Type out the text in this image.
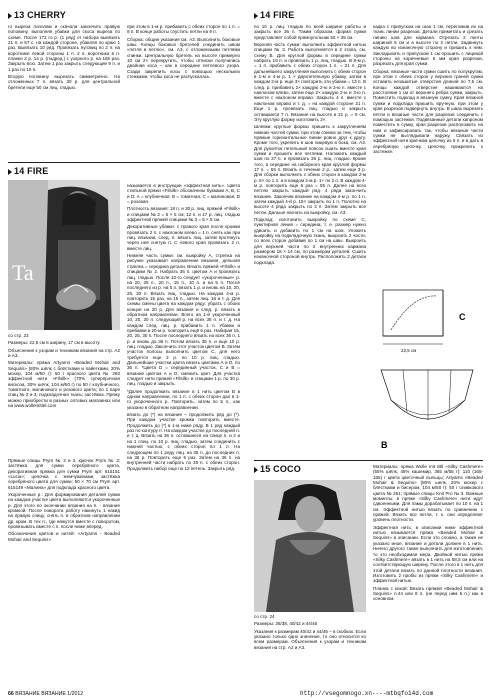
13 CHERRY	14 FIRE

го выреза пополам и скачала закончить правую половину, выполняя убавки для скоса выреза по схеме. После 172 го р. (1 ряд) от набора вывязать 21 п. и 57 с. на каждой стороне, убавляя по краю 1 раз. Вывязать 10 ряд. Провязать пуговиц по 2 п. на воротнике левой стороны 1 п. 2 п. воротника 5 п. планке 2 р. 14 р. (подред.) с узорного р. на 165 раз. Закрыть всю. Затем 1 раз закрыть следующие 9 п. и 1 раз по 10 п.

Вторую половину вырезать симметрично. На отложенных 7 п. вязать 30 р. для центральной бретели еще 50 см лиц. гладью.

при этом в 1-м р. прибавить с обеих сторон по 1 п. = 9 п. В конце работы спустить петли на 9 п.

Сборка: общие указания см. А3. Выполнить боковые швы. Концы боковых бретелей соединить швом «петля в петлю», см. А3, с отложенными петлями спинки. Центральную бретель на высоте примерно 10 см 2× перекрутить, чтобы отписки получились двойная коса – как в середине петлевого узора. Сзади закрепить косы с помощью нескольких стежками, чтобы коса не распускалась.

14 FIRE
Ta

со стр. 23

Размеры: 22,5 см в ширину, 17 см в высоту.

Объяснения к узорам и техникам вязания на стр. А2 и А3.

Материалы: пряжа Artyarns «Beaded Mohair and Sequins» (80% шёлк с блёстками и пайетками, 20% мохер, 104 м/50 г): 50 г красного цвета № 260 эффектной нити «Filsilk» (70% суперпрочная вискоза, 30% шёлк, 104 м/50 г) по 50 г клубничного, томатного, малинового и розового цвета; по 1 паре спиц № 2 и 3; подкладочная ткань; застёжка. Пряжу можно приобрести в разных оптовых магазинах или на www.wollemittel.com

Прямые спицы Prym № 2 и 3, крючок Prym № 3; застёжка для сумки серебряного цвета, декоративная пряжка для сумки Prym арт. 615151 «Lucia»; цепочка с жемчужинами, застёжка серебряного цвета для сумки; 50 × 70 см Prym арт. 615149 «Малина» для подклада красного цвета.

Укороченные р.: Для формирования деталей сумки на каждом участке цвета выполняются укороченные р. Для этого по окончании вязания на п. - вязание кромкой. После поворота работу накинуть 1 накид на правую спицу, снять п. в обратном направлении др. кром. В тех п., где вяжутся вместе с поворотом, провязывать вместе с п. после ниже вперед.

Обозначения цветов и нитей: «Artyarns - Beaded Mohair and Sequins»

называется в инструкции «эффектная нить». Цвета стильной пряжи «Filsilk» обозначены буквами А, В, С и D: А = клубничная, В = томатная, С = малиновая, D = розовая.

Плотность вязания: 18 п. и 30 р. лиц. пряжей «Filsilk» и спицами № 2 = 5 × 5 см; 12 п. и 17 р. лиц. гладью эффектной пряжей спицами № 3 = 5 × 5 см.

Декоративные убавки: с правого края после кромки провязать 2 п. с наклоном влево = 1 п. снять как при лиц. вязании, след. п. вязать лиц. затем протянуть через неё снятую п. С левого края провязать 2 п. вместе лиц.

Нижняя часть сумки: см. выкройку А, стрелка на рисунке указывает направление вязания, дельная стрелка = середина детали. Вязать пряжей «Filsilk» и спицами № 2. Набрать 36 п. цветом А и провязать лиц. гладью. После 10-го следует «укороченные» р. на 20, 25 п., 20 п., 15 п., 10 п. и на 5 п. После последнего из р. на 5 п. вязать 1 р. и вновь на 10, 20, 25, 30 п. Вязать лиц. гладью. На каждом 4-м р. повторить 15 раз, на 15 п., затем лиц. 15 и т. д. Для схемы смены цвета на каждом ряду: убрать с обоих концов на 20 р. Для вязания и след. р. вязать в обратном направлении. Всего на 1-й укороченный 10, 20, 30 п. следующий р. на всех 36 п. и т. д. На каждом след. лиц. р. прибавить 1 п. Убавки и прибавки в 20-м р. повторить ещё 6 раз. Набирая 15, 20, 25, 30 п. После последнего вязать на всех 36 п. 1 р. и вновь до 36 п. Потом вязать 36 п. и еще 10 р. лиц. гладью. Закончить этот участок цветом В. Затем участок полосы выполнить цветом С, для него требуется еще 2 р. по 10 р. лиц. гладью. Дальнейшие участки цвета вязать цветами А и D, по 36 п. *Цвета D = серединный участок, С и В = вязание цветом А и D, сменить цвет. Для участка следует нити пряжей «Filsilk» и спицами 1 р. по 30 р. лиц. гладью и закрыть.

*Далее продолжить вязание в 1 нить цветом В в одном направлении, по 1 п. с обеих сторон дал в 1-го укороченного р. Повторить, затем по 5 п., как указано в обратном направлении.

вязать до (*) на вязание – продолжить ряд до (*). При каждом участке кромки повторить вместе. Продолжить до (*) в 1-м ниже ряду. В 1 ряд каждый раз по контуру п. На каждом участке до последней п. и т. д. Вязать на 36 п. оставшиеся на спице п. и 2 и на 1 спиц. по 10 р. лиц. гладью, затем соединить с нижней частью, с обеих сторон по 1 п. На следующем по 1 ряду лиц. на 36 п. до последних п. на 36 р. Повторить еще 5 раз. Затем на 36 п. на внутренней части набрать по 36 п. с обеих сторон. Продолжить набор еще по 12 петель. Закрыть ряд.

по 10 р. лиц. гладью по всей ширине работы и закрыть все 36 п. Таким образом, форма сумки представляет собой прямоугольник 55 × 35 см.

Верхняя часть сумки: выполнить эффектной нитью спицами № 3. Работа выполняется в 2 этапа, см. схему В. Для круглой формы в середине сумки набрать 19 п. и провязать 1 р. лиц. гладью. В 8-м р. = 1 п. прибавить с обеих сторон 1 п. = 21 п. Для дальнейшего закругления выполнить с обеих сторон в 1-м и 4-м р. 1 × двухпетельную убавку, затем в каждом 2-м р. еще 3× повторить эти убавки = 13 п. В след. р. прибавить 2× каждую 2-ю и 3-ю п. вместе с наклоном влево, затем еще 2× каждую 2-ю и 3-ю п. вместе с наклоном вправо. Закрыть 4 п. вместе с наклоном вправо и т. д. = на каждой стороне 21 п. Еще 1 р. провязать лиц. гладью и закрыть оставшиеся 7 п. Вязание на высоте в 21 р. = 6 см. Эту круглую форму изготовить 2×.

Шлевки: круглые формы пришить к закруглениям нижних частей сумки, при этом спинка за тем, чтобы прямые горизонтальные линии ровно друг к другу. Кроме того, укрепить в шов лицевую в бока, см. А3. Для рукояток петельный поясок сшить вместе края сумки и прошить все петлями. Наложить каждый шов по 27 п. и провязать 36 р. лиц. гладью. Кроме того, в середине на наборного края круглой формы 17 п. = 65 п. Вязать в течение 2 р., затем еще 3 р. Для сборки выполнить с обеих сторон в каждом 2-м р. 5× по 1 п. и в каждом 2-м р. 1× по 2 п. В каждом 4-м р. повторить еще 5 раз = 55 п. Далее на всех петлях закрыть каждый ряд. 4 ряда закончить вязание. Закончив вязание на каждом 4-м р. по 1 п. затем каждый 4-й р. 15× закрыть по 1 п. Полотно на высоте 4 ряда закрыть по 3 п. Затем закрыть все петли. Дальше нагнать на выкройку, см. А3.

Подклад: изготовить выкройку по схеме С, пунктирная линия = середина, т. е. размер нужно удвоить и добавить по 1 см на шов. Уложить выкройку на подкладочную ткань, выкроить 2 части, со всех сторон добавив по 1 см на швы. Выкроить для верхней части по 2 внутренних кармана размером 18 × 14 см, по размерам деталей. Сшить изнаночной стороной внутрь. Расположить 2 детали подклада.

кадка с припуском на шов 1 см, переложив их на ткань линии разрезов. Детали приметать и срезать линию шов для кармана. Отрезать 2 ленты шириной 5 см и в высоте по 2 петли. Задвинуть каждую во изнаночную сторону и пришить к ним. Закладывать и припуском 1 см прошить с лицевой стороны на коричневые 5 мм края разрезов, разрезать для края сумки.

Сборка: вязаные части сумки сшить по полукругам, при этом с обеих сторон у верхних граней сумки оставить незашитые отверстия длиной по 7,5 см. Концы каждой отверстия нашиваются на расстоянии 1 см от верхнего ребра сумки, закрыть. Поместить подклад в вязаную сумку. Края вязаной сумки и подклада пришить вручную, при этом у края разрезов подвернуть внутрь. В швах вырезать петли и вязаные части для разрезов соединить с помощью застежки. Подвязанные детали капроном поместить в сумку, края разрезов расположить на ним и зафиксировать так, чтобы вязаные части сумки не выглядывали наружу. Связать из эффектной нити крючком цепочку из 6 п. и в дать в серебряную цепочку. Цепочку прикрепить к застежке.

C
22,5 см
B
15 COCO

со стр. 24

Размеры: 36/38, 40/42 и 44/46

Указания к размерам 40/42 и 44/46 – в скобках. Если указано только одно значение, то оно относится ко всем размерам. Объяснения к узорам и техникам вязания на стр. А2 и А3.

Материалы: пряжа Wolle mit Stil «Silky Cashmere» (55% шёлк, 45% кашемир, 365 м/55 г): 110 (165-165) г цвета цветочный пыльцы; Artyarns «Beaded Mohair & Sequins» (80% шелк, 20% мохер с блёстками и бисером, 104 м/50 г): 50 г оливкового цвета № 261; прямые спицы Knit Pro № 3. Важные моменты: в пряже «Silky Cashmere» нити идут сдвоенными. Для ламы дорабатывает по 10 п. на 1 см. Эффектной нитью вязать по сравнению с пряжей. Вязать все петли, т. к. они определяют уровень плотности.

Эффектная нить: в описании ниже эффектной нитью называется пряжа «Beaded Mohair & Sequins» в описании. Если это сложно, а также не указано иное, вязание и детали должен в 1 нить. Ничего другого также выполнить для изготовления, то это необходимая мера. Двойной нитью пряжи «Silky Cashmere» вязать в 1 нить на 58,5 см или на соответствующую ширину. После этого в 1 нить для этой детали вязать по данной плотности вязания. Изготовить 2 пробы из пряжи «Silky Cashmere» и эффектной нитью.

Планка с кокой: Вязать пряжей «Beaded Mohair & Sequins» п.44 или 8 п. (не перед ним 5 п.) как в основном.

66 ВЯЗАНИЕ ВЯЗАНИЕ 1/2012	http://vsegomnogo.xn----mtbqfo14d.com
